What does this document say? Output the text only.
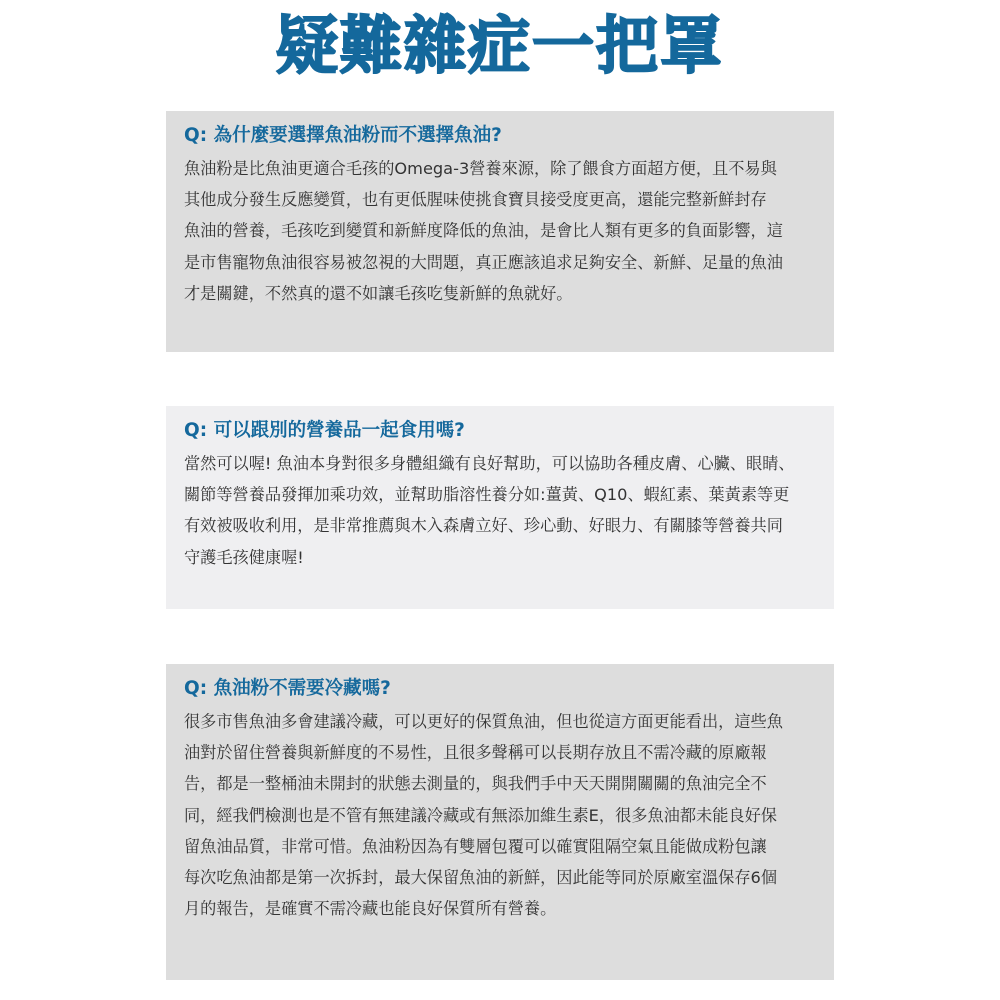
疑難雜症一把罩
Q: 為什麼要選擇魚油粉而不選擇魚油?
魚油粉是比魚油更適合毛孩的Omega-3營養來源，除了餵食方面超方便，且不易與
其他成分發生反應變質，也有更低腥味使挑食寶貝接受度更高，還能完整新鮮封存
魚油的營養，毛孩吃到變質和新鮮度降低的魚油，是會比人類有更多的負面影響，這
是市售寵物魚油很容易被忽視的大問題，真正應該追求足夠安全、新鮮、足量的魚油
才是關鍵，不然真的還不如讓毛孩吃隻新鮮的魚就好。
Q: 可以跟別的營養品一起食用嗎?
當然可以喔! 魚油本身對很多身體組織有良好幫助，可以協助各種皮膚、心臟、眼睛、
關節等營養品發揮加乘功效，並幫助脂溶性養分如:薑黃、Q10、蝦紅素、葉黃素等更
有效被吸收利用，是非常推薦與木入森膚立好、珍心動、好眼力、有關膝等營養共同
守護毛孩健康喔!
Q: 魚油粉不需要冷藏嗎?
很多市售魚油多會建議冷藏，可以更好的保質魚油，但也從這方面更能看出，這些魚
油對於留住營養與新鮮度的不易性，且很多聲稱可以長期存放且不需冷藏的原廠報
告，都是一整桶油未開封的狀態去測量的，與我們手中天天開開關關的魚油完全不
同，經我們檢測也是不管有無建議冷藏或有無添加維生素E，很多魚油都未能良好保
留魚油品質，非常可惜。魚油粉因為有雙層包覆可以確實阻隔空氣且能做成粉包讓
每次吃魚油都是第一次拆封，最大保留魚油的新鮮，因此能等同於原廠室溫保存6個
月的報告，是確實不需冷藏也能良好保質所有營養。
